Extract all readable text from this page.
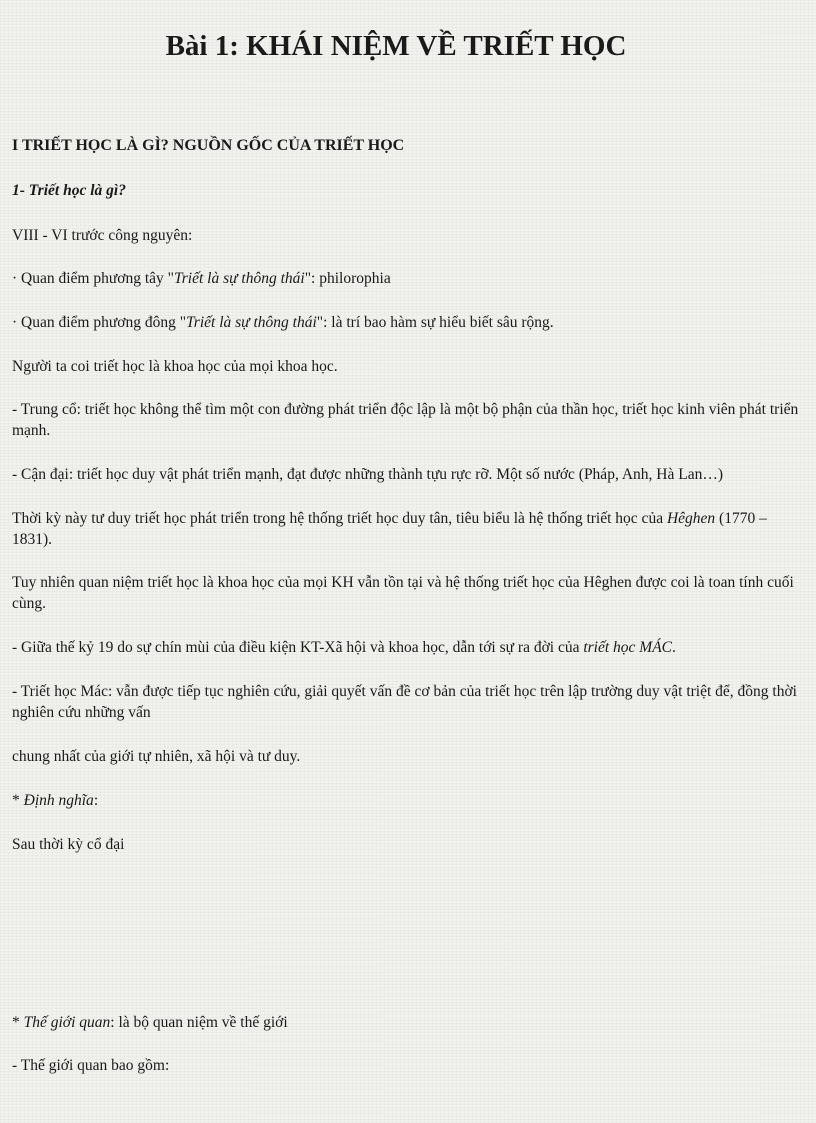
Bài 1: KHÁI NIỆM VỀ TRIẾT HỌC

I TRIẾT HỌC LÀ GÌ? NGUỒN GỐC CỦA TRIẾT HỌC

1- Triết học là gì?

VIII - VI trước công nguyên:

· Quan điểm phương tây "Triết là sự thông thái": philorophia

· Quan điểm phương đông "Triết là sự thông thái": là trí bao hàm sự hiểu biết sâu rộng.

Người ta coi triết học là khoa học của mọi khoa học.

- Trung cổ: triết học không thể tìm một con đường phát triển độc lập là một bộ phận của thần học, triết học kinh viên phát triển mạnh.

- Cận đại: triết học duy vật phát triển mạnh, đạt được những thành tựu rực rỡ. Một số nước (Pháp, Anh, Hà Lan…)

Thời kỳ này tư duy triết học phát triển trong hệ thống triết học duy tân, tiêu biểu là hệ thống triết học của Hêghen (1770 – 1831).

Tuy nhiên quan niệm triết học là khoa học của mọi KH vẫn tồn tại và hệ thống triết học của Hêghen được coi là toan tính cuối cùng.

- Giữa thế kỷ 19 do sự chín mùi của điều kiện KT-Xã hội và khoa học, dẫn tới sự ra đời của triết học MÁC.

- Triết học Mác: vẫn được tiếp tục nghiên cứu, giải quyết vấn đề cơ bản của triết học trên lập trường duy vật triệt để, đồng thời nghiên cứu những vấn

chung nhất của giới tự nhiên, xã hội và tư duy.

* Định nghĩa:

Sau thời kỳ cổ đại

* Thế giới quan: là bộ quan niệm về thế giới

- Thế giới quan bao gồm:
